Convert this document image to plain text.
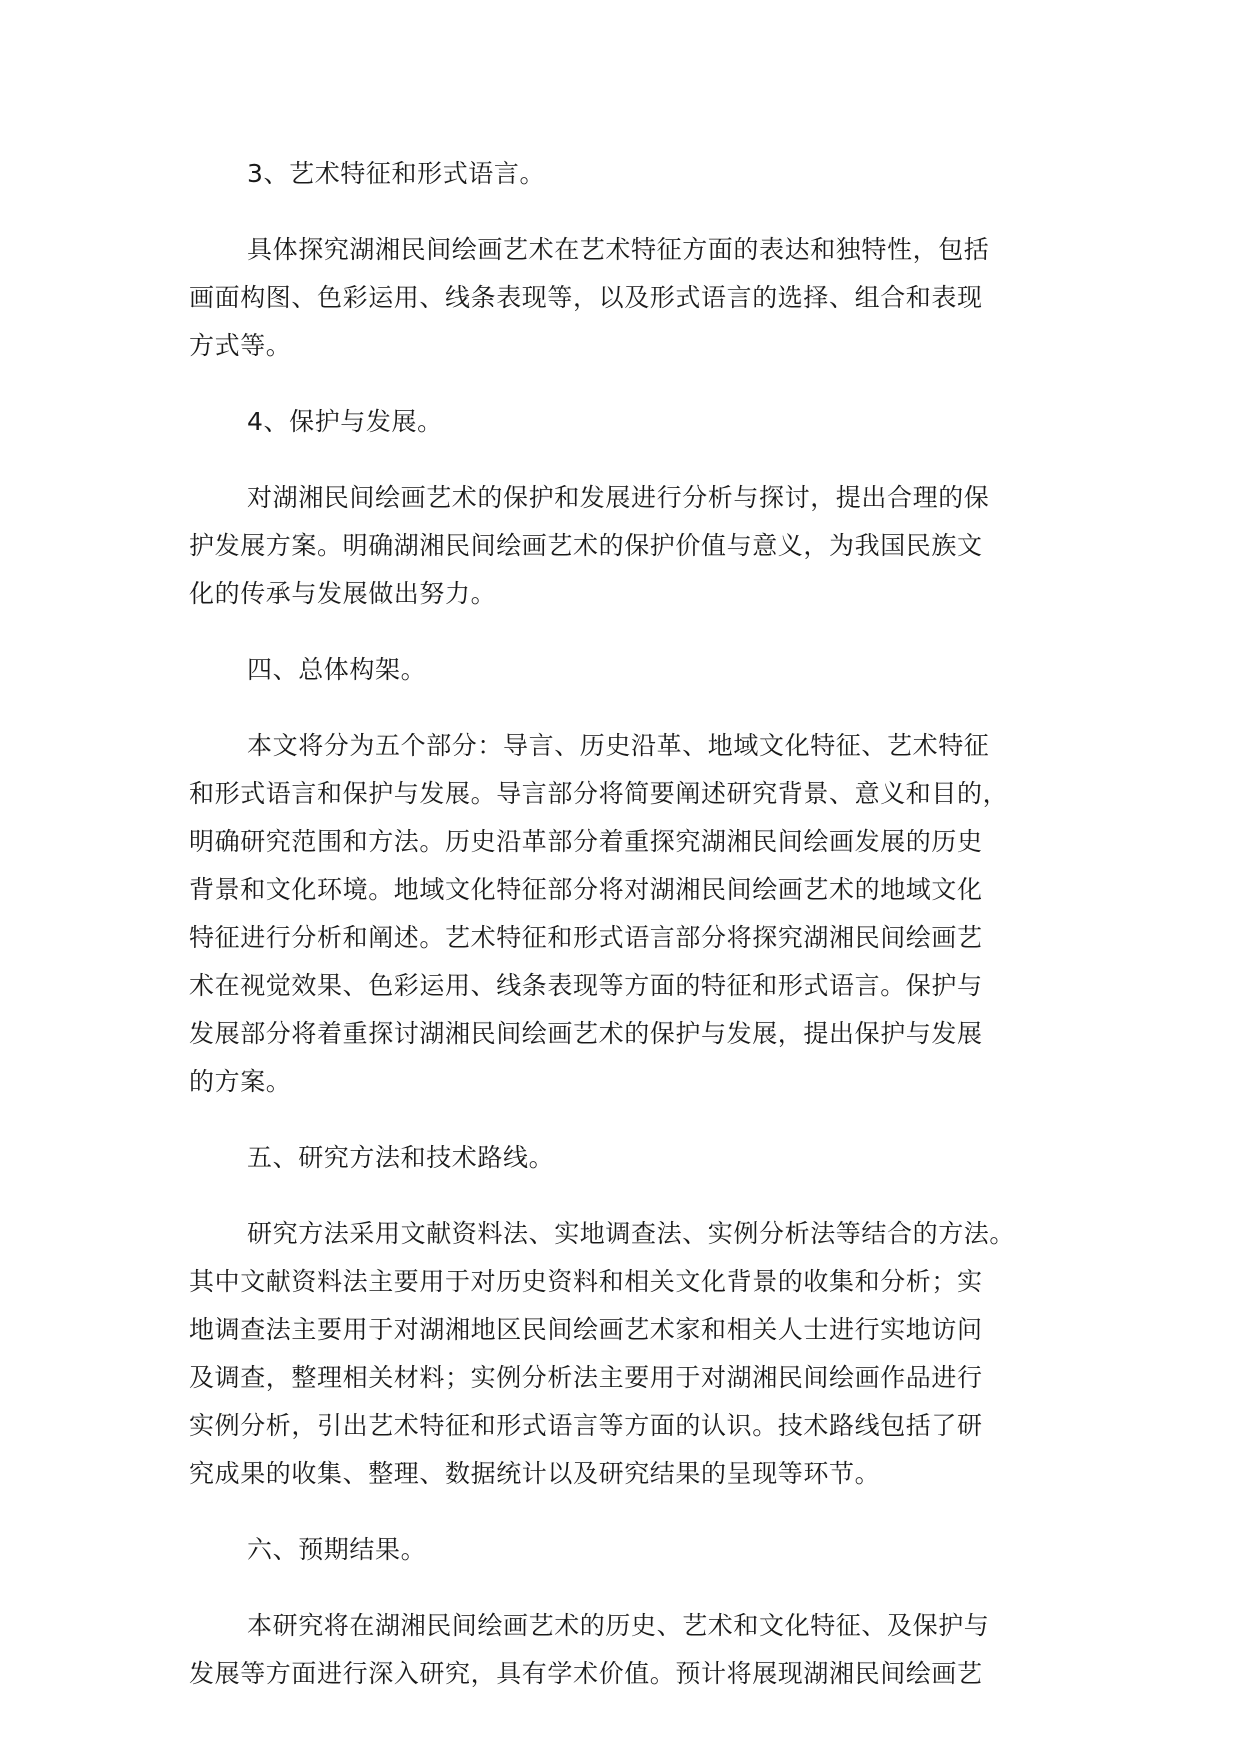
3、艺术特征和形式语言。
具体探究湖湘民间绘画艺术在艺术特征方面的表达和独特性，包括
画面构图、色彩运用、线条表现等，以及形式语言的选择、组合和表现
方式等。
4、保护与发展。
对湖湘民间绘画艺术的保护和发展进行分析与探讨，提出合理的保
护发展方案。明确湖湘民间绘画艺术的保护价值与意义，为我国民族文
化的传承与发展做出努力。
四、总体构架。
本文将分为五个部分：导言、历史沿革、地域文化特征、艺术特征
和形式语言和保护与发展。导言部分将简要阐述研究背景、意义和目的，
明确研究范围和方法。历史沿革部分着重探究湖湘民间绘画发展的历史
背景和文化环境。地域文化特征部分将对湖湘民间绘画艺术的地域文化
特征进行分析和阐述。艺术特征和形式语言部分将探究湖湘民间绘画艺
术在视觉效果、色彩运用、线条表现等方面的特征和形式语言。保护与
发展部分将着重探讨湖湘民间绘画艺术的保护与发展，提出保护与发展
的方案。
五、研究方法和技术路线。
研究方法采用文献资料法、实地调查法、实例分析法等结合的方法。
其中文献资料法主要用于对历史资料和相关文化背景的收集和分析；实
地调查法主要用于对湖湘地区民间绘画艺术家和相关人士进行实地访问
及调查，整理相关材料；实例分析法主要用于对湖湘民间绘画作品进行
实例分析，引出艺术特征和形式语言等方面的认识。技术路线包括了研
究成果的收集、整理、数据统计以及研究结果的呈现等环节。
六、预期结果。
本研究将在湖湘民间绘画艺术的历史、艺术和文化特征、及保护与
发展等方面进行深入研究，具有学术价值。预计将展现湖湘民间绘画艺
